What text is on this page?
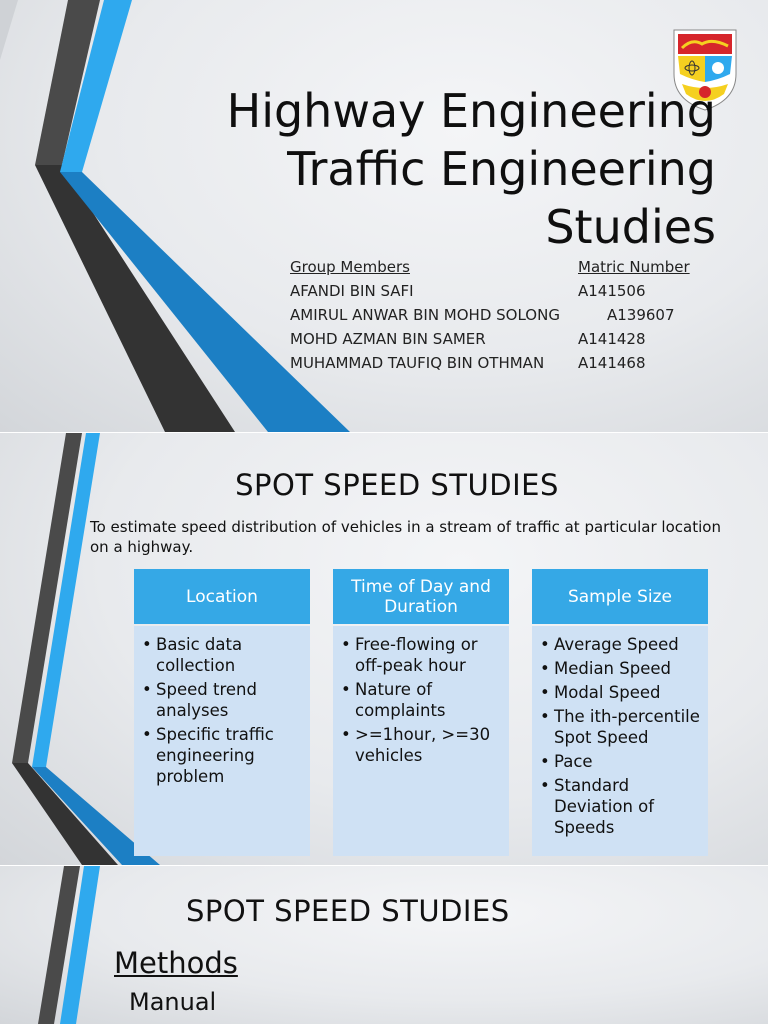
Highway Engineering
Traffic Engineering
Studies
Group Members	Matric Number
AFANDI BIN SAFI	A141506
AMIRUL ANWAR BIN MOHD SOLONG	A139607
MOHD AZMAN BIN SAMER	A141428
MUHAMMAD TAUFIQ BIN OTHMAN A141468
SPOT SPEED STUDIES
To estimate speed distribution of vehicles in a stream of traffic at particular location on a highway.
Location
• Basic data collection
• Speed trend analyses
• Specific traffic engineering problem
Time of Day and Duration
• Free-flowing or off-peak hour
• Nature of complaints
• >=1hour, >=30 vehicles
Sample Size
• Average Speed
• Median Speed
• Modal Speed
• The ith-percentile Spot Speed
• Pace
• Standard Deviation of Speeds
SPOT SPEED STUDIES
Methods
Manual
